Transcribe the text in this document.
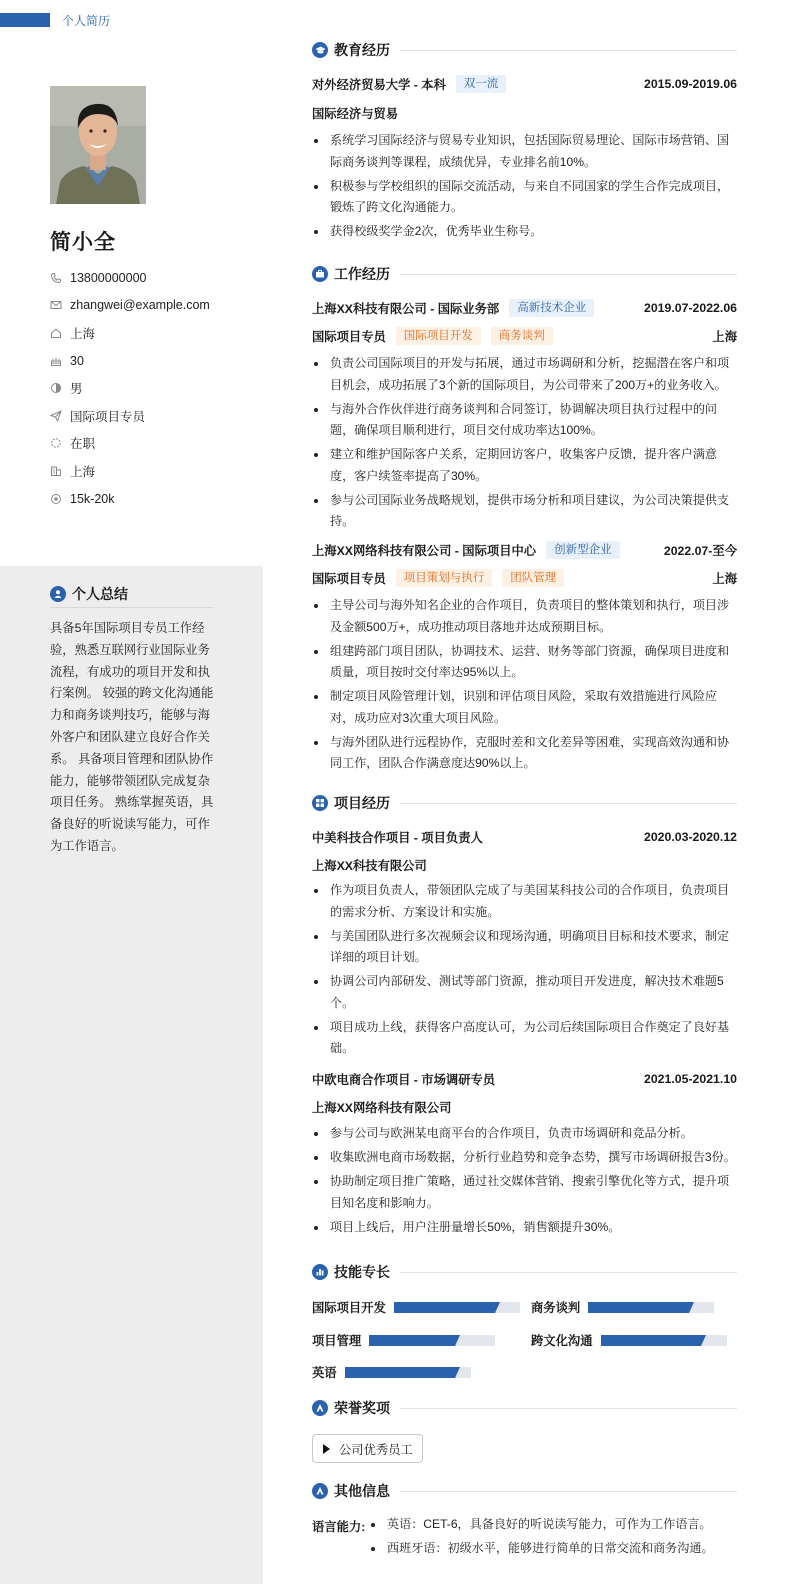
个人简历
简小全
13800000000
zhangwei@example.com
上海
30
男
国际项目专员
在职
上海
15k-20k
个人总结
具备5年国际项目专员工作经验，熟悉互联网行业国际业务流程，有成功的项目开发和执行案例。 较强的跨文化沟通能力和商务谈判技巧，能够与海外客户和团队建立良好合作关系。 具备项目管理和团队协作能力，能够带领团队完成复杂项目任务。 熟练掌握英语，具备良好的听说读写能力，可作为工作语言。
教育经历
对外经济贸易大学 - 本科	双一流	2015.09-2019.06
国际经济与贸易
系统学习国际经济与贸易专业知识，包括国际贸易理论、国际市场营销、国际商务谈判等课程，成绩优异，专业排名前10%。
积极参与学校组织的国际交流活动，与来自不同国家的学生合作完成项目，锻炼了跨文化沟通能力。
获得校级奖学金2次，优秀毕业生称号。
工作经历
上海XX科技有限公司 - 国际业务部	高新技术企业	2019.07-2022.06
国际项目专员	国际项目开发	商务谈判	上海
负责公司国际项目的开发与拓展，通过市场调研和分析，挖掘潜在客户和项目机会，成功拓展了3个新的国际项目，为公司带来了200万+的业务收入。
与海外合作伙伴进行商务谈判和合同签订，协调解决项目执行过程中的问题，确保项目顺利进行，项目交付成功率达100%。
建立和维护国际客户关系，定期回访客户，收集客户反馈，提升客户满意度，客户续签率提高了30%。
参与公司国际业务战略规划，提供市场分析和项目建议，为公司决策提供支持。
上海XX网络科技有限公司 - 国际项目中心	创新型企业	2022.07-至今
国际项目专员	项目策划与执行	团队管理	上海
主导公司与海外知名企业的合作项目，负责项目的整体策划和执行，项目涉及金额500万+，成功推动项目落地并达成预期目标。
组建跨部门项目团队，协调技术、运营、财务等部门资源，确保项目进度和质量，项目按时交付率达95%以上。
制定项目风险管理计划，识别和评估项目风险，采取有效措施进行风险应对，成功应对3次重大项目风险。
与海外团队进行远程协作，克服时差和文化差异等困难，实现高效沟通和协同工作，团队合作满意度达90%以上。
项目经历
中美科技合作项目 - 项目负责人	2020.03-2020.12
上海XX科技有限公司
作为项目负责人，带领团队完成了与美国某科技公司的合作项目，负责项目的需求分析、方案设计和实施。
与美国团队进行多次视频会议和现场沟通，明确项目目标和技术要求，制定详细的项目计划。
协调公司内部研发、测试等部门资源，推动项目开发进度，解决技术难题5个。
项目成功上线，获得客户高度认可，为公司后续国际项目合作奠定了良好基础。
中欧电商合作项目 - 市场调研专员	2021.05-2021.10
上海XX网络科技有限公司
参与公司与欧洲某电商平台的合作项目，负责市场调研和竞品分析。
收集欧洲电商市场数据，分析行业趋势和竞争态势，撰写市场调研报告3份。
协助制定项目推广策略，通过社交媒体营销、搜索引擎优化等方式，提升项目知名度和影响力。
项目上线后，用户注册量增长50%，销售额提升30%。
技能专长
国际项目开发	商务谈判
项目管理	跨文化沟通
英语
荣誉奖项
公司优秀员工
其他信息
语言能力:	英语：CET-6，具备良好的听说读写能力，可作为工作语言。
西班牙语：初级水平，能够进行简单的日常交流和商务沟通。
